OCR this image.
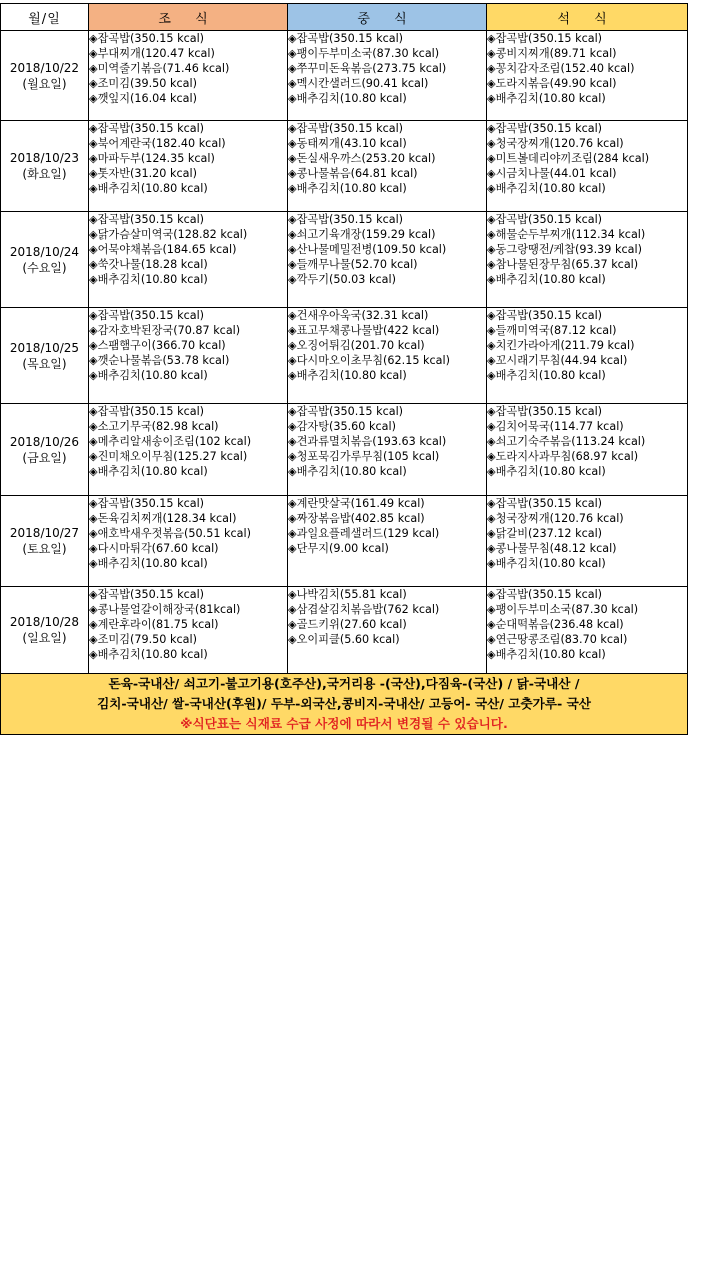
월/일	조 식	중 식	석 식

2018/10/22
(월요일)	◈잡곡밥(350.15 kcal)
◈부대찌개(120.47 kcal)
◈미역줄기볶음(71.46 kcal)
◈조미김(39.50 kcal)
◈깻잎지(16.04 kcal)	◈잡곡밥(350.15 kcal)
◈팽이두부미소국(87.30 kcal)
◈쭈꾸미돈육볶음(273.75 kcal)
◈멕시칸샐러드(90.41 kcal)
◈배추김치(10.80 kcal)	◈잡곡밥(350.15 kcal)
◈콩비지찌개(89.71 kcal)
◈꽁치감자조림(152.40 kcal)
◈도라지볶음(49.90 kcal)
◈배추김치(10.80 kcal)

2018/10/23
(화요일)	◈잡곡밥(350.15 kcal)
◈북어계란국(182.40 kcal)
◈마파두부(124.35 kcal)
◈톳자반(31.20 kcal)
◈배추김치(10.80 kcal)	◈잡곡밥(350.15 kcal)
◈동태찌개(43.10 kcal)
◈돈실새우까스(253.20 kcal)
◈콩나물볶음(64.81 kcal)
◈배추김치(10.80 kcal)	◈잡곡밥(350.15 kcal)
◈청국장찌개(120.76 kcal)
◈미트볼데리야끼조림(284 kcal)
◈시금치나물(44.01 kcal)
◈배추김치(10.80 kcal)

2018/10/24
(수요일)	◈잡곡밥(350.15 kcal)
◈닭가슴살미역국(128.82 kcal)
◈어묵야채볶음(184.65 kcal)
◈쑥갓나물(18.28 kcal)
◈배추김치(10.80 kcal)	◈잡곡밥(350.15 kcal)
◈쇠고기육개장(159.29 kcal)
◈산나물메밀전병(109.50 kcal)
◈들깨무나물(52.70 kcal)
◈깍두기(50.03 kcal)	◈잡곡밥(350.15 kcal)
◈해물순두부찌개(112.34 kcal)
◈동그랑땡전/케찹(93.39 kcal)
◈참나물된장무침(65.37 kcal)
◈배추김치(10.80 kcal)

2018/10/25
(목요일)	◈잡곡밥(350.15 kcal)
◈감자호박된장국(70.87 kcal)
◈스팸햄구이(366.70 kcal)
◈깻순나물볶음(53.78 kcal)
◈배추김치(10.80 kcal)	◈건새우아욱국(32.31 kcal)
◈표고무채콩나물밥(422 kcal)
◈오징어튀김(201.70 kcal)
◈다시마오이초무침(62.15 kcal)
◈배추김치(10.80 kcal)	◈잡곡밥(350.15 kcal)
◈들깨미역국(87.12 kcal)
◈치킨가라아게(211.79 kcal)
◈꼬시래기무침(44.94 kcal)
◈배추김치(10.80 kcal)

2018/10/26
(금요일)	◈잡곡밥(350.15 kcal)
◈소고기무국(82.98 kcal)
◈메추리알새송이조림(102 kcal)
◈진미채오이무침(125.27 kcal)
◈배추김치(10.80 kcal)	◈잡곡밥(350.15 kcal)
◈감자탕(35.60 kcal)
◈견과류멸치볶음(193.63 kcal)
◈청포묵김가루무침(105 kcal)
◈배추김치(10.80 kcal)	◈잡곡밥(350.15 kcal)
◈김치어묵국(114.77 kcal)
◈쇠고기숙주볶음(113.24 kcal)
◈도라지사과무침(68.97 kcal)
◈배추김치(10.80 kcal)

2018/10/27
(토요일)	◈잡곡밥(350.15 kcal)
◈돈육김치찌개(128.34 kcal)
◈애호박새우젓볶음(50.51 kcal)
◈다시마튀각(67.60 kcal)
◈배추김치(10.80 kcal)	◈계란맛살국(161.49 kcal)
◈짜장볶음밥(402.85 kcal)
◈과일요플레샐러드(129 kcal)
◈단무지(9.00 kcal)	◈잡곡밥(350.15 kcal)
◈청국장찌개(120.76 kcal)
◈닭갈비(237.12 kcal)
◈콩나물무침(48.12 kcal)
◈배추김치(10.80 kcal)

2018/10/28
(일요일)	◈잡곡밥(350.15 kcal)
◈콩나물얼갈이해장국(81kcal)
◈계란후라이(81.75 kcal)
◈조미김(79.50 kcal)
◈배추김치(10.80 kcal)	◈나박김치(55.81 kcal)
◈삼겹살김치볶음밥(762 kcal)
◈골드키위(27.60 kcal)
◈오이피클(5.60 kcal)	◈잡곡밥(350.15 kcal)
◈팽이두부미소국(87.30 kcal)
◈순대떡볶음(236.48 kcal)
◈연근땅콩조림(83.70 kcal)
◈배추김치(10.80 kcal)

돈육-국내산/ 쇠고기-불고기용(호주산),국거리용 -(국산),다짐육-(국산) / 닭-국내산 /
김치-국내산/ 쌀-국내산(후원)/ 두부-외국산,콩비지-국내산/ 고등어- 국산/ 고춧가루- 국산
※식단표는 식재료 수급 사정에 따라서 변경될 수 있습니다.			
